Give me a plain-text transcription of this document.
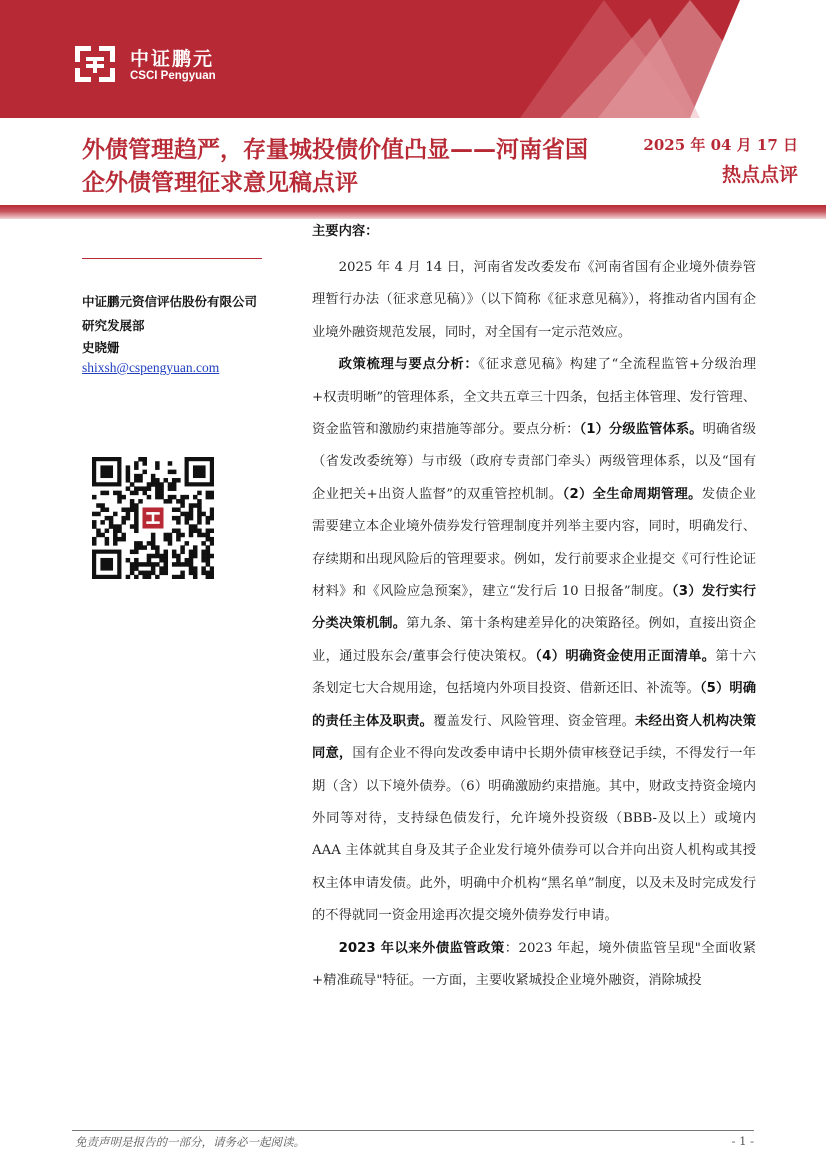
中证鹏元
CSCI Pengyuan
外债管理趋严，存量城投债价值凸显——河南省国企外债管理征求意见稿点评
2025 年 04 月 17 日
热点点评
中证鹏元资信评估股份有限公司
研究发展部
史晓姗
shixsh@cspengyuan.com
主要内容：

2025 年 4 月 14 日，河南省发改委发布《河南省国有企业境外债券管理暂行办法（征求意见稿）》（以下简称《征求意见稿》），将推动省内国有企业境外融资规范发展，同时，对全国有一定示范效应。

政策梳理与要点分析：《征求意见稿》构建了“全流程监管+分级治理+权责明晰”的管理体系，全文共五章三十四条，包括主体管理、发行管理、资金监管和激励约束措施等部分。要点分析：（1）分级监管体系。明确省级（省发改委统筹）与市级（政府专责部门牵头）两级管理体系，以及“国有企业把关+出资人监督”的双重管控机制。（2）全生命周期管理。发债企业需要建立本企业境外债券发行管理制度并列举主要内容，同时，明确发行、存续期和出现风险后的管理要求。例如，发行前要求企业提交《可行性论证材料》和《风险应急预案》，建立“发行后 10 日报备”制度。（3）发行实行分类决策机制。第九条、第十条构建差异化的决策路径。例如，直接出资企业，通过股东会/董事会行使决策权。（4）明确资金使用正面清单。第十六条划定七大合规用途，包括境内外项目投资、借新还旧、补流等。（5）明确的责任主体及职责。覆盖发行、风险管理、资金管理。未经出资人机构决策同意，国有企业不得向发改委申请中长期外债审核登记手续，不得发行一年期（含）以下境外债券。（6）明确激励约束措施。其中，财政支持资金境内外同等对待，支持绿色债发行，允许境外投资级（BBB-及以上）或境内 AAA 主体就其自身及其子企业发行境外债券可以合并向出资人机构或其授权主体申请发债。此外，明确中介机构“黑名单”制度，以及未及时完成发行的不得就同一资金用途再次提交境外债券发行申请。

2023 年以来外债监管政策：2023 年起，境外债监管呈现"全面收紧+精准疏导"特征。一方面，主要收紧城投企业境外融资，消除城投

免责声明是报告的一部分，请务必一起阅读。	- 1 -
